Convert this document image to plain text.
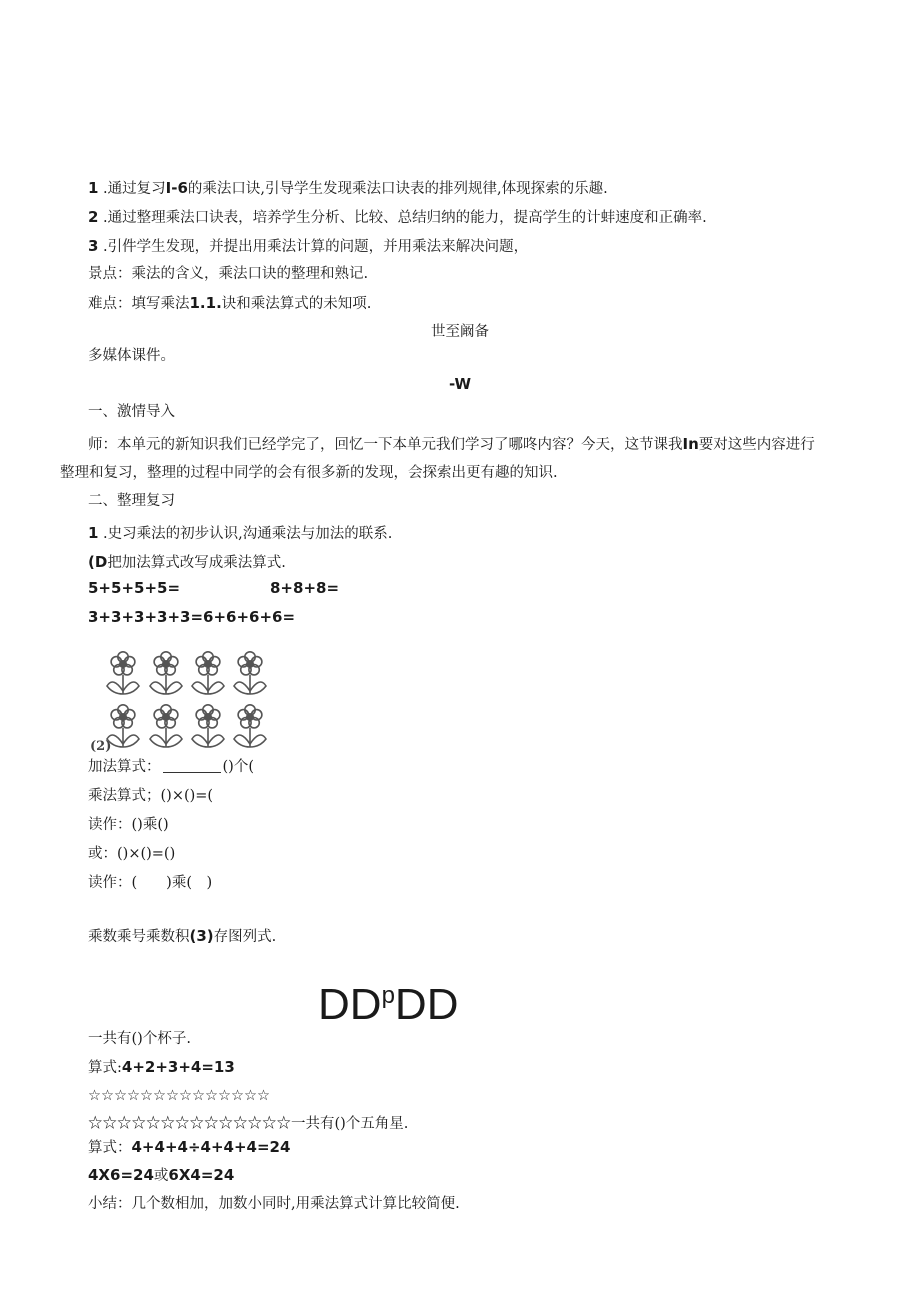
1 .通过复习I-6的乘法口诀,引导学生发现乘法口诀表的排列规律,体现探索的乐趣.
2 .通过整理乘法口诀表，培养学生分析、比较、总结归纳的能力，提高学生的计蚌速度和正确率.
3 .引件学生发现，并提出用乘法计算的问题，并用乘法来解决问题，
景点：乘法的含义，乘法口诀的整理和熟记.
难点：填写乘法1.1.诀和乘法算式的未知项.
世至阚备
多媒体课件。
-W
一、激情导入
师：本单元的新知识我们已经学完了，回忆一下本单元我们学习了哪咚内容？今天，这节课我In要对这些内容进行
整理和复习，整理的过程中同学的会有很多新的发现，会探索出更有趣的知识.
二、整理复习
1 .史习乘法的初步认识,沟通乘法与加法的联系.
(D把加法算式改写成乘法算式.
5+5+5+5=	8+8+8=
3+3+3+3+3=6+6+6+6=
(2)
加法算式：	()个(
乘法算式；()×()=(
读作：()乘()
或：()×()=()
读作：(　　)乘(　)
乘数乘号乘数积(3)存图列式.
$DD^pDD$
一共有()个杯子.
算式:4+2+3+4=13
☆☆☆☆☆☆☆☆☆☆☆☆☆☆
☆☆☆☆☆☆☆☆☆☆☆☆☆☆一共有()个五角星.
算式：4+4+4÷4+4+4=24
4X6=24或6X4=24
小结：几个数相加，加数小同时,用乘法算式计算比较简便.
